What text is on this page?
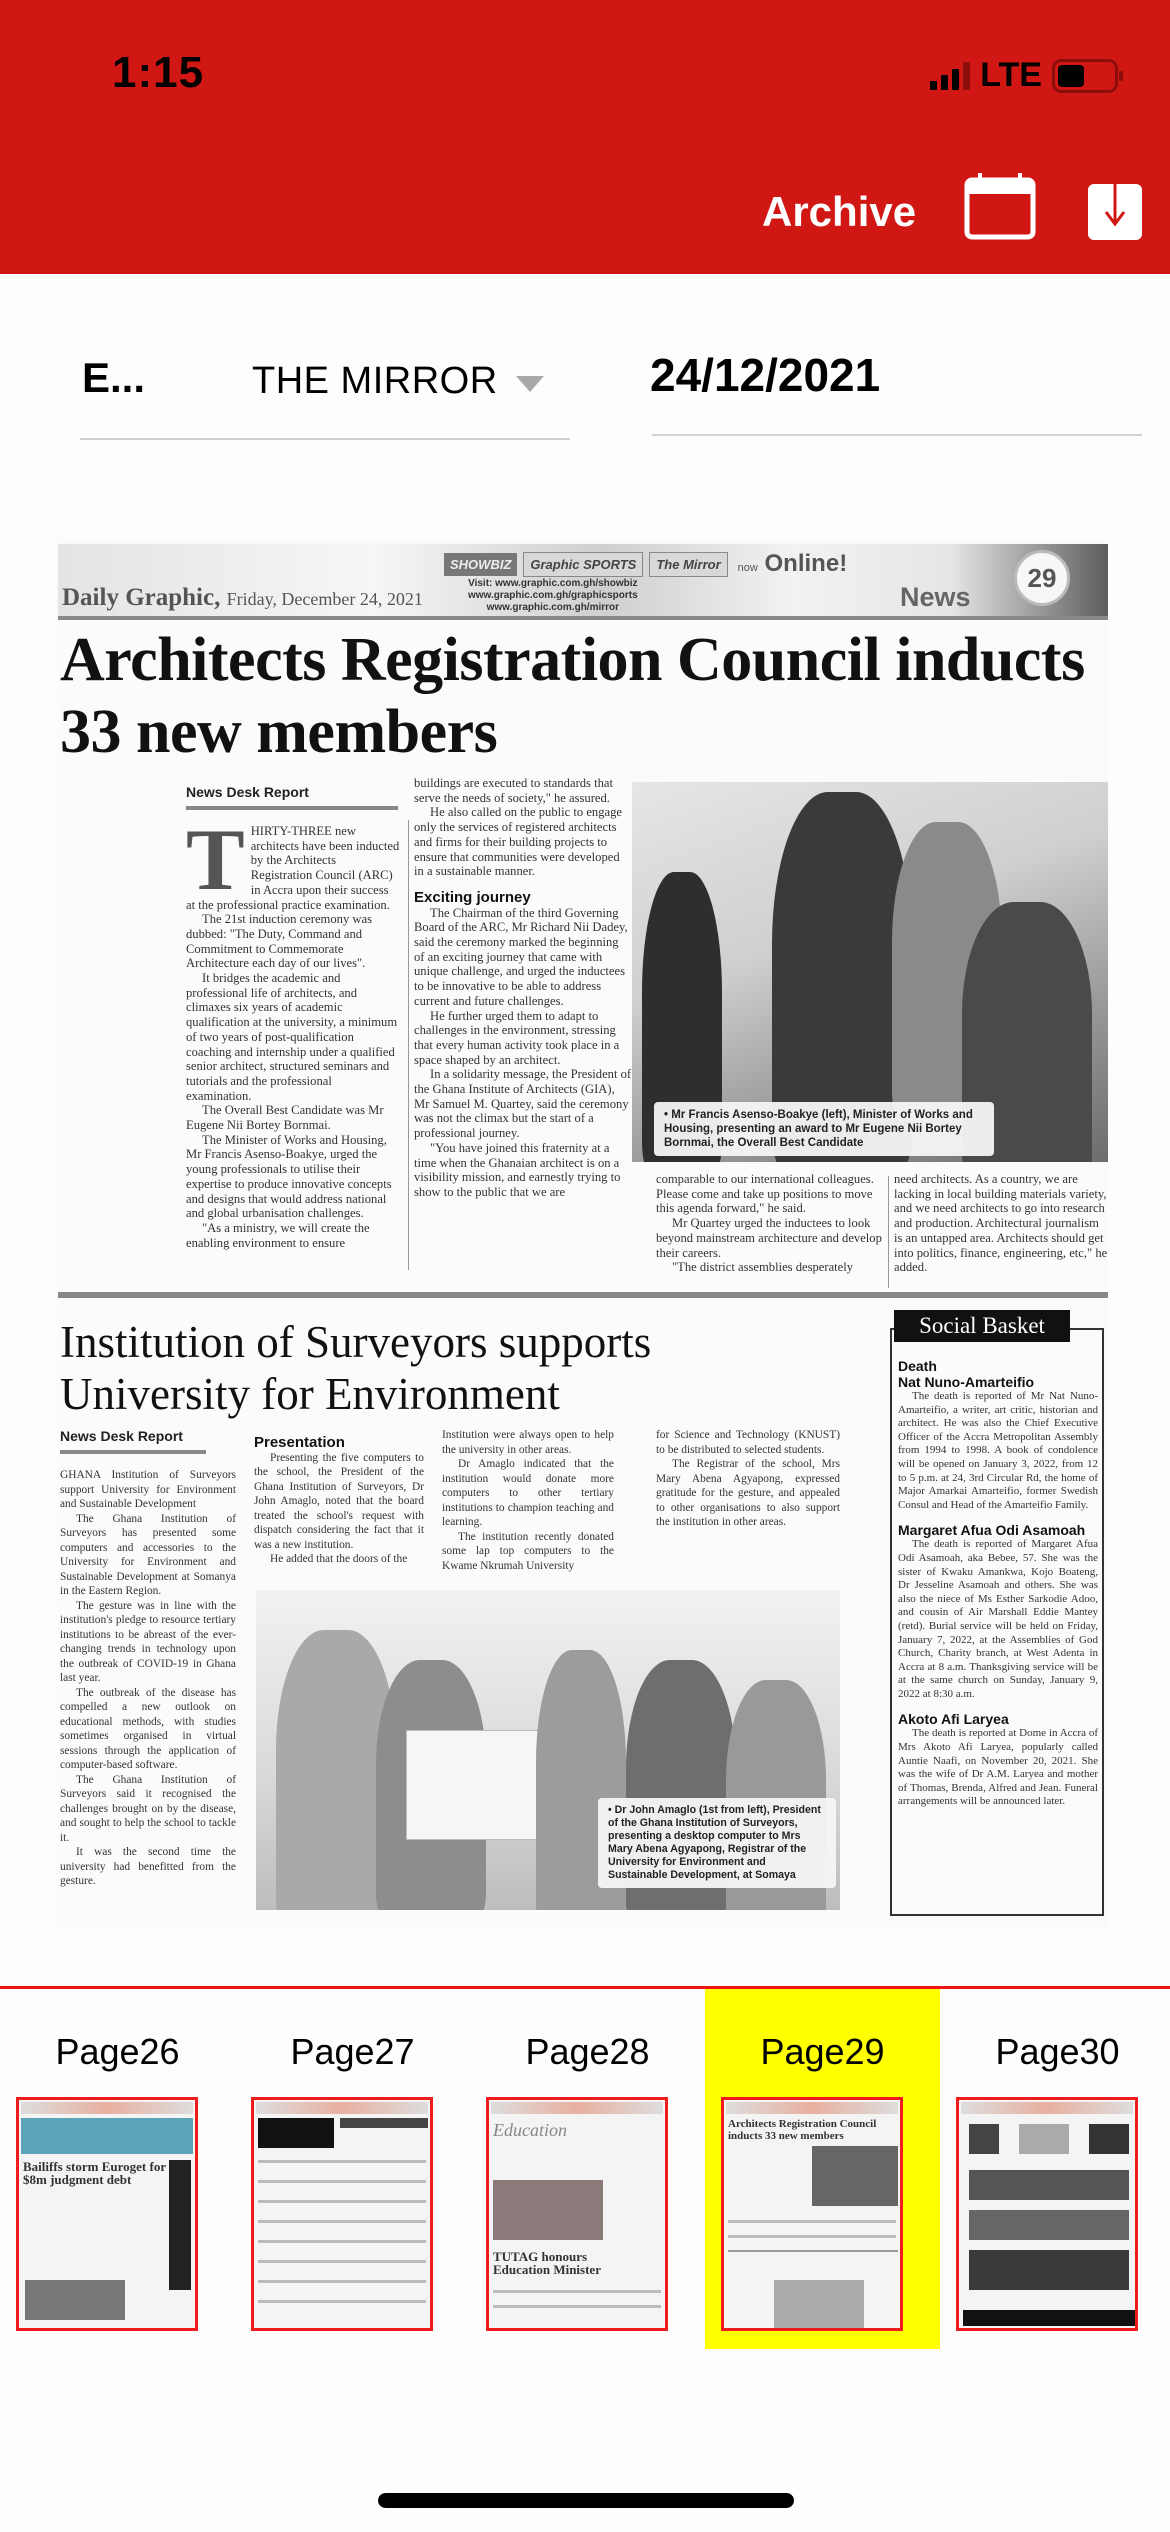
1:15	LTE
Archive
E...	THE MIRROR	24/12/2021
Daily Graphic, Friday, December 24, 2021
SHOWBIZ	Graphic SPORTS	The Mirror	now Online!
Visit: www.graphic.com.gh/showbiz
www.graphic.com.gh/graphicsports
www.graphic.com.gh/mirror	News
29
Architects Registration Council inducts 33 new members
News Desk Report

THIRTY-THREE new architects have been inducted by the Architects Registration Council (ARC) in Accra upon their success at the professional practice examination.

The 21st induction ceremony was dubbed: "The Duty, Command and Commitment to Commemorate Architecture each day of our lives".

It bridges the academic and professional life of architects, and climaxes six years of academic qualification at the university, a minimum of two years of post-qualification coaching and internship under a qualified senior architect, structured seminars and tutorials and the professional examination.

The Overall Best Candidate was Mr Eugene Nii Bortey Bornmai.

The Minister of Works and Housing, Mr Francis Asenso-Boakye, urged the young professionals to utilise their expertise to produce innovative concepts and designs that would address national and global urbanisation challenges.

"As a ministry, we will create the enabling environment to ensure

buildings are executed to standards that serve the needs of society," he assured.

He also called on the public to engage only the services of registered architects and firms for their building projects to ensure that communities were developed in a sustainable manner.

Exciting journey

The Chairman of the third Governing Board of the ARC, Mr Richard Nii Dadey, said the ceremony marked the beginning of an exciting journey that came with unique challenge, and urged the inductees to be innovative to be able to address current and future challenges.

He further urged them to adapt to challenges in the environment, stressing that every human activity took place in a space shaped by an architect.

In a solidarity message, the President of the Ghana Institute of Architects (GIA), Mr Samuel M. Quartey, said the ceremony was not the climax but the start of a professional journey.

"You have joined this fraternity at a time when the Ghanaian architect is on a visibility mission, and earnestly trying to show to the public that we are

• Mr Francis Asenso-Boakye (left), Minister of Works and Housing, presenting an award to Mr Eugene Nii Bortey Bornmai, the Overall Best Candidate

comparable to our international colleagues. Please come and take up positions to move this agenda forward," he said.

Mr Quartey urged the inductees to look beyond mainstream architecture and develop their careers.

"The district assemblies desperately

need architects. As a country, we are lacking in local building materials variety, and we need architects to go into research and production. Architectural journalism is an untapped area. Architects should get into politics, finance, engineering, etc," he added.

Institution of Surveyors supports University for Environment
News Desk Report

GHANA Institution of Surveyors support University for Environment and Sustainable Development

The Ghana Institution of Surveyors has presented some computers and accessories to the University for Environment and Sustainable Development at Somanya in the Eastern Region.

The gesture was in line with the institution's pledge to resource tertiary institutions to be abreast of the ever-changing trends in technology upon the outbreak of COVID-19 in Ghana last year.

The outbreak of the disease has compelled a new outlook on educational methods, with studies sometimes organised in virtual sessions through the application of computer-based software.

The Ghana Institution of Surveyors said it recognised the challenges brought on by the disease, and sought to help the school to tackle it.

It was the second time the university had benefitted from the gesture.

Presentation

Presenting the five computers to the school, the President of the Ghana Institution of Surveyors, Dr John Amaglo, noted that the board treated the school's request with dispatch considering the fact that it was a new institution.

He added that the doors of the

Institution were always open to help the university in other areas.

Dr Amaglo indicated that the institution would donate more computers to other tertiary institutions to champion teaching and learning.

The institution recently donated some lap top computers to the Kwame Nkrumah University

for Science and Technology (KNUST) to be distributed to selected students.

The Registrar of the school, Mrs Mary Abena Agyapong, expressed gratitude for the gesture, and appealed to other organisations to also support the institution in other areas.

• Dr John Amaglo (1st from left), President of the Ghana Institution of Surveyors, presenting a desktop computer to Mrs Mary Abena Agyapong, Registrar of the University for Environment and Sustainable Development, at Somaya
Social Basket
Death
Nat Nuno-Amarteifio

The death is reported of Mr Nat Nuno-Amarteifio, a writer, art critic, historian and architect. He was also the Chief Executive Officer of the Accra Metropolitan Assembly from 1994 to 1998. A book of condolence will be opened on January 3, 2022, from 12 to 5 p.m. at 24, 3rd Circular Rd, the home of Major Amarkai Amarteifio, former Swedish Consul and Head of the Amarteifio Family.

Margaret Afua Odi Asamoah

The death is reported of Margaret Afua Odi Asamoah, aka Bebee, 57. She was the sister of Kwaku Amankwa, Kojo Boateng, Dr Jesseline Asamoah and others. She was also the niece of Ms Esther Sarkodie Adoo, and cousin of Air Marshall Eddie Mantey (retd). Burial service will be held on Friday, January 7, 2022, at the Assemblies of God Church, Charity branch, at West Adenta in Accra at 8 a.m. Thanksgiving service will be at the same church on Sunday, January 9, 2022 at 8:30 a.m.

Akoto Afi Laryea

The death is reported at Dome in Accra of Mrs Akoto Afi Laryea, popularly called Auntie Naafi, on November 20, 2021. She was the wife of Dr A.M. Laryea and mother of Thomas, Brenda, Alfred and Jean. Funeral arrangements will be announced later.

Page26
Bailiffs storm Euroget for $8m judgment debt
Page27	Page28
Education
TUTAG honours Education Minister
Page29
Architects Registration Council inducts 33 new members
Page30
